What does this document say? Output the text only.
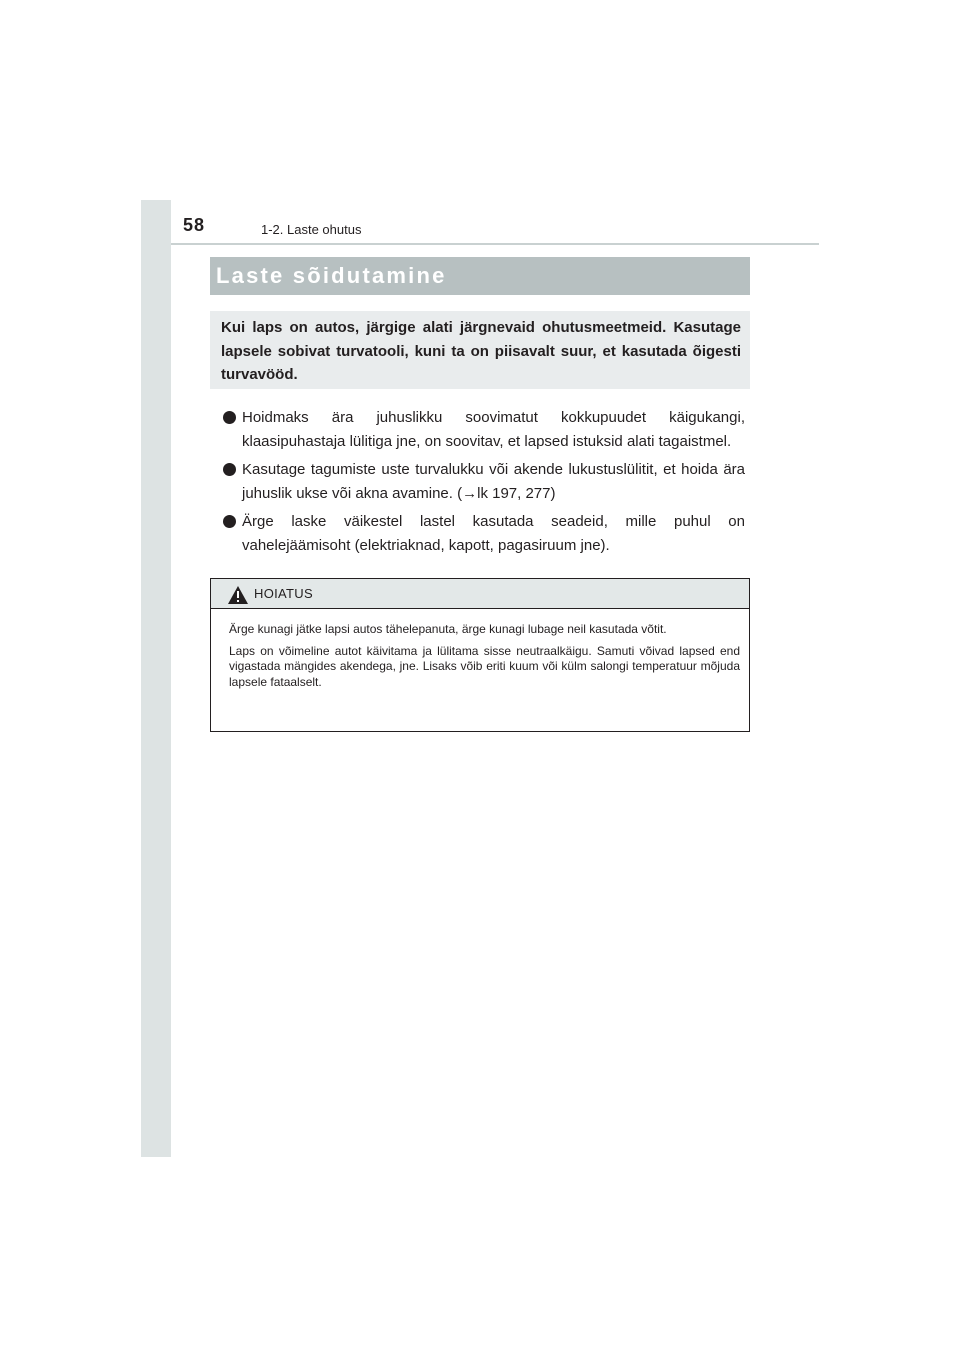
58	1-2. Laste ohutus
Laste sõidutamine

Kui laps on autos, järgige alati järgnevaid ohutusmeetmeid. Kasutage lapsele sobivat turvatooli, kuni ta on piisavalt suur, et kasutada õigesti turvavööd.

Hoidmaks ära juhuslikku soovimatut kokkupuudet käigukangi, klaasipuhastaja lülitiga jne, on soovitav, et lapsed istuksid alati tagaistmel.
Kasutage tagumiste uste turvalukku või akende lukustuslülitit, et hoida ära juhuslik ukse või akna avamine. (→lk 197, 277)
Ärge laske väikestel lastel kasutada seadeid, mille puhul on vahelejäämisoht (elektriaknad, kapott, pagasiruum jne).
HOIATUS

Ärge kunagi jätke lapsi autos tähelepanuta, ärge kunagi lubage neil kasutada võtit.

Laps on võimeline autot käivitama ja lülitama sisse neutraalkäigu. Samuti võivad lapsed end vigastada mängides akendega, jne. Lisaks võib eriti kuum või külm salongi temperatuur mõjuda lapsele fataalselt.
